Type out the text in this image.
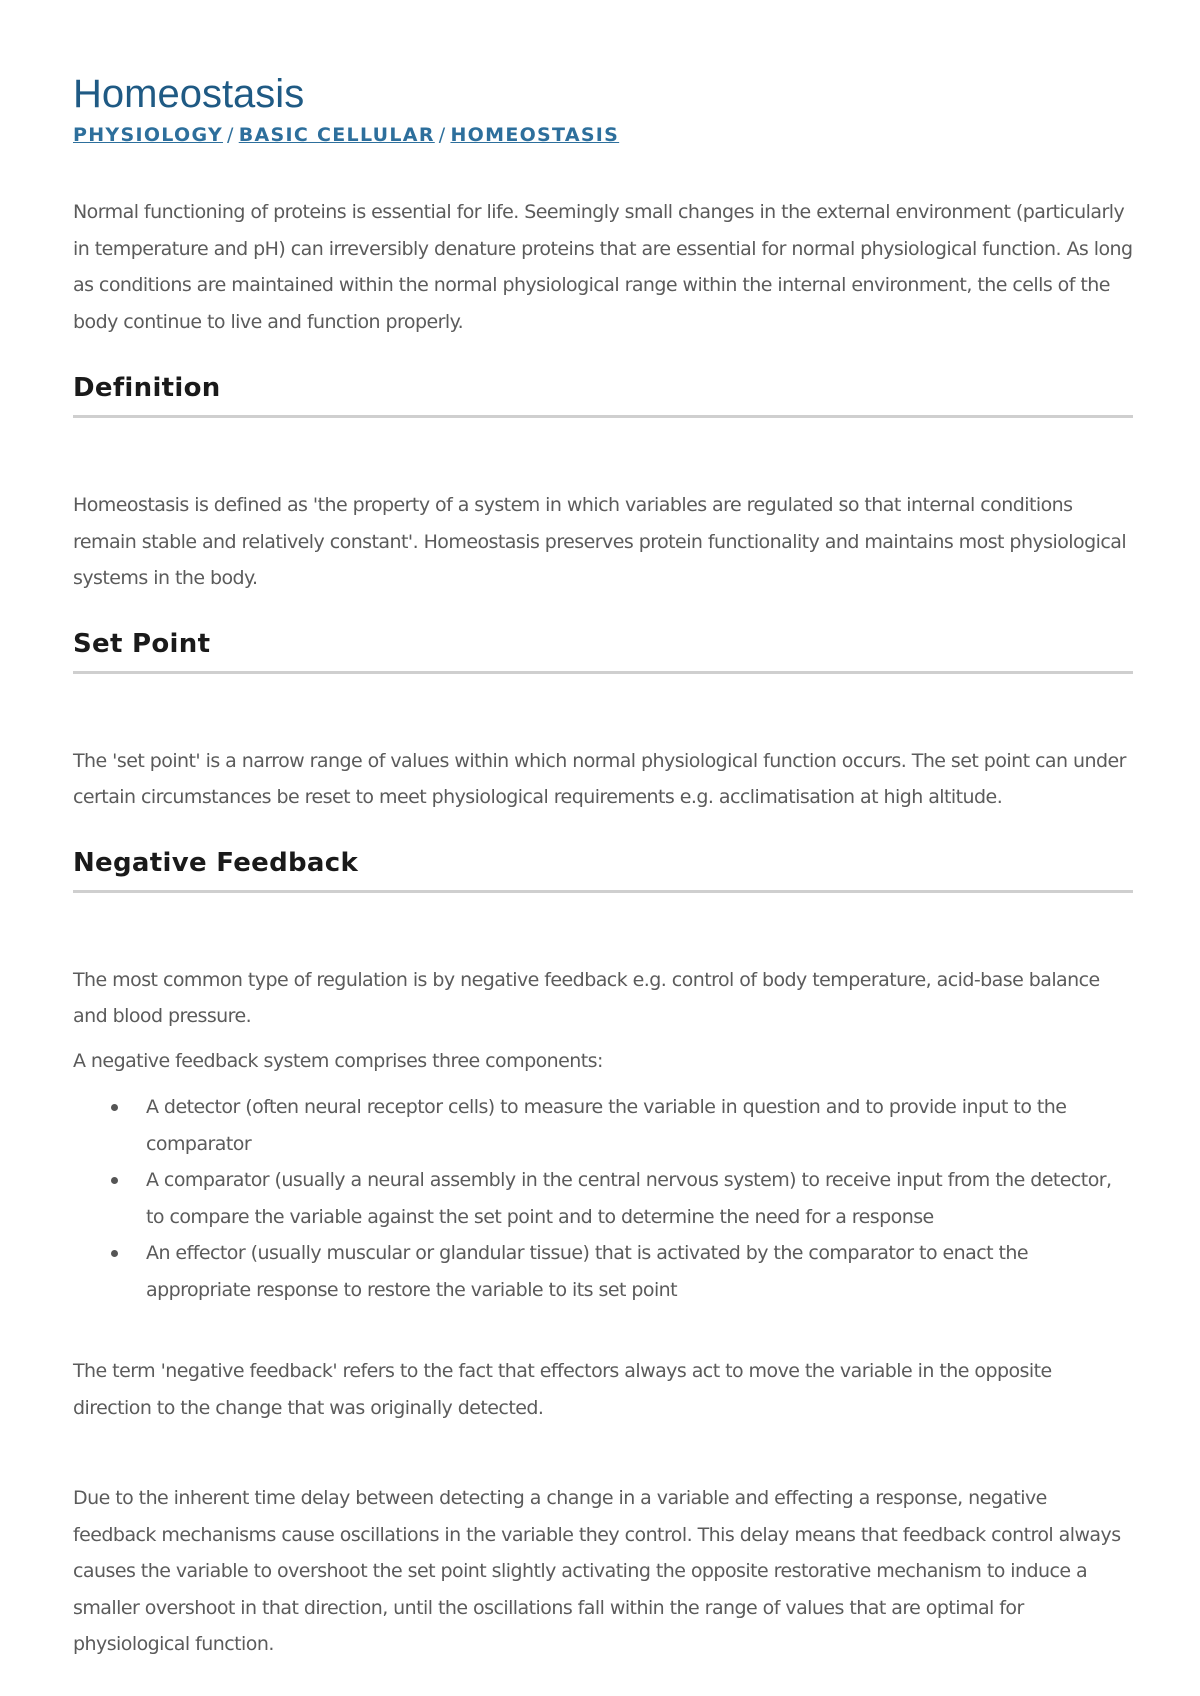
Homeostasis
PHYSIOLOGY / BASIC CELLULAR / HOMEOSTASIS

Normal functioning of proteins is essential for life. Seemingly small changes in the external environment (particularly in temperature and pH) can irreversibly denature proteins that are essential for normal physiological function. As long as conditions are maintained within the normal physiological range within the internal environment, the cells of the body continue to live and function properly.

Definition

Homeostasis is defined as 'the property of a system in which variables are regulated so that internal conditions remain stable and relatively constant'. Homeostasis preserves protein functionality and maintains most physiological systems in the body.

Set Point

The 'set point' is a narrow range of values within which normal physiological function occurs. The set point can under certain circumstances be reset to meet physiological requirements e.g. acclimatisation at high altitude.

Negative Feedback

The most common type of regulation is by negative feedback e.g. control of body temperature, acid-base balance and blood pressure.

A negative feedback system comprises three components:

A detector (often neural receptor cells) to measure the variable in question and to provide input to the comparator
A comparator (usually a neural assembly in the central nervous system) to receive input from the detector, to compare the variable against the set point and to determine the need for a response
An effector (usually muscular or glandular tissue) that is activated by the comparator to enact the appropriate response to restore the variable to its set point

The term 'negative feedback' refers to the fact that effectors always act to move the variable in the opposite direction to the change that was originally detected.

Due to the inherent time delay between detecting a change in a variable and effecting a response, negative feedback mechanisms cause oscillations in the variable they control. This delay means that feedback control always causes the variable to overshoot the set point slightly activating the opposite restorative mechanism to induce a smaller overshoot in that direction, until the oscillations fall within the range of values that are optimal for physiological function.
